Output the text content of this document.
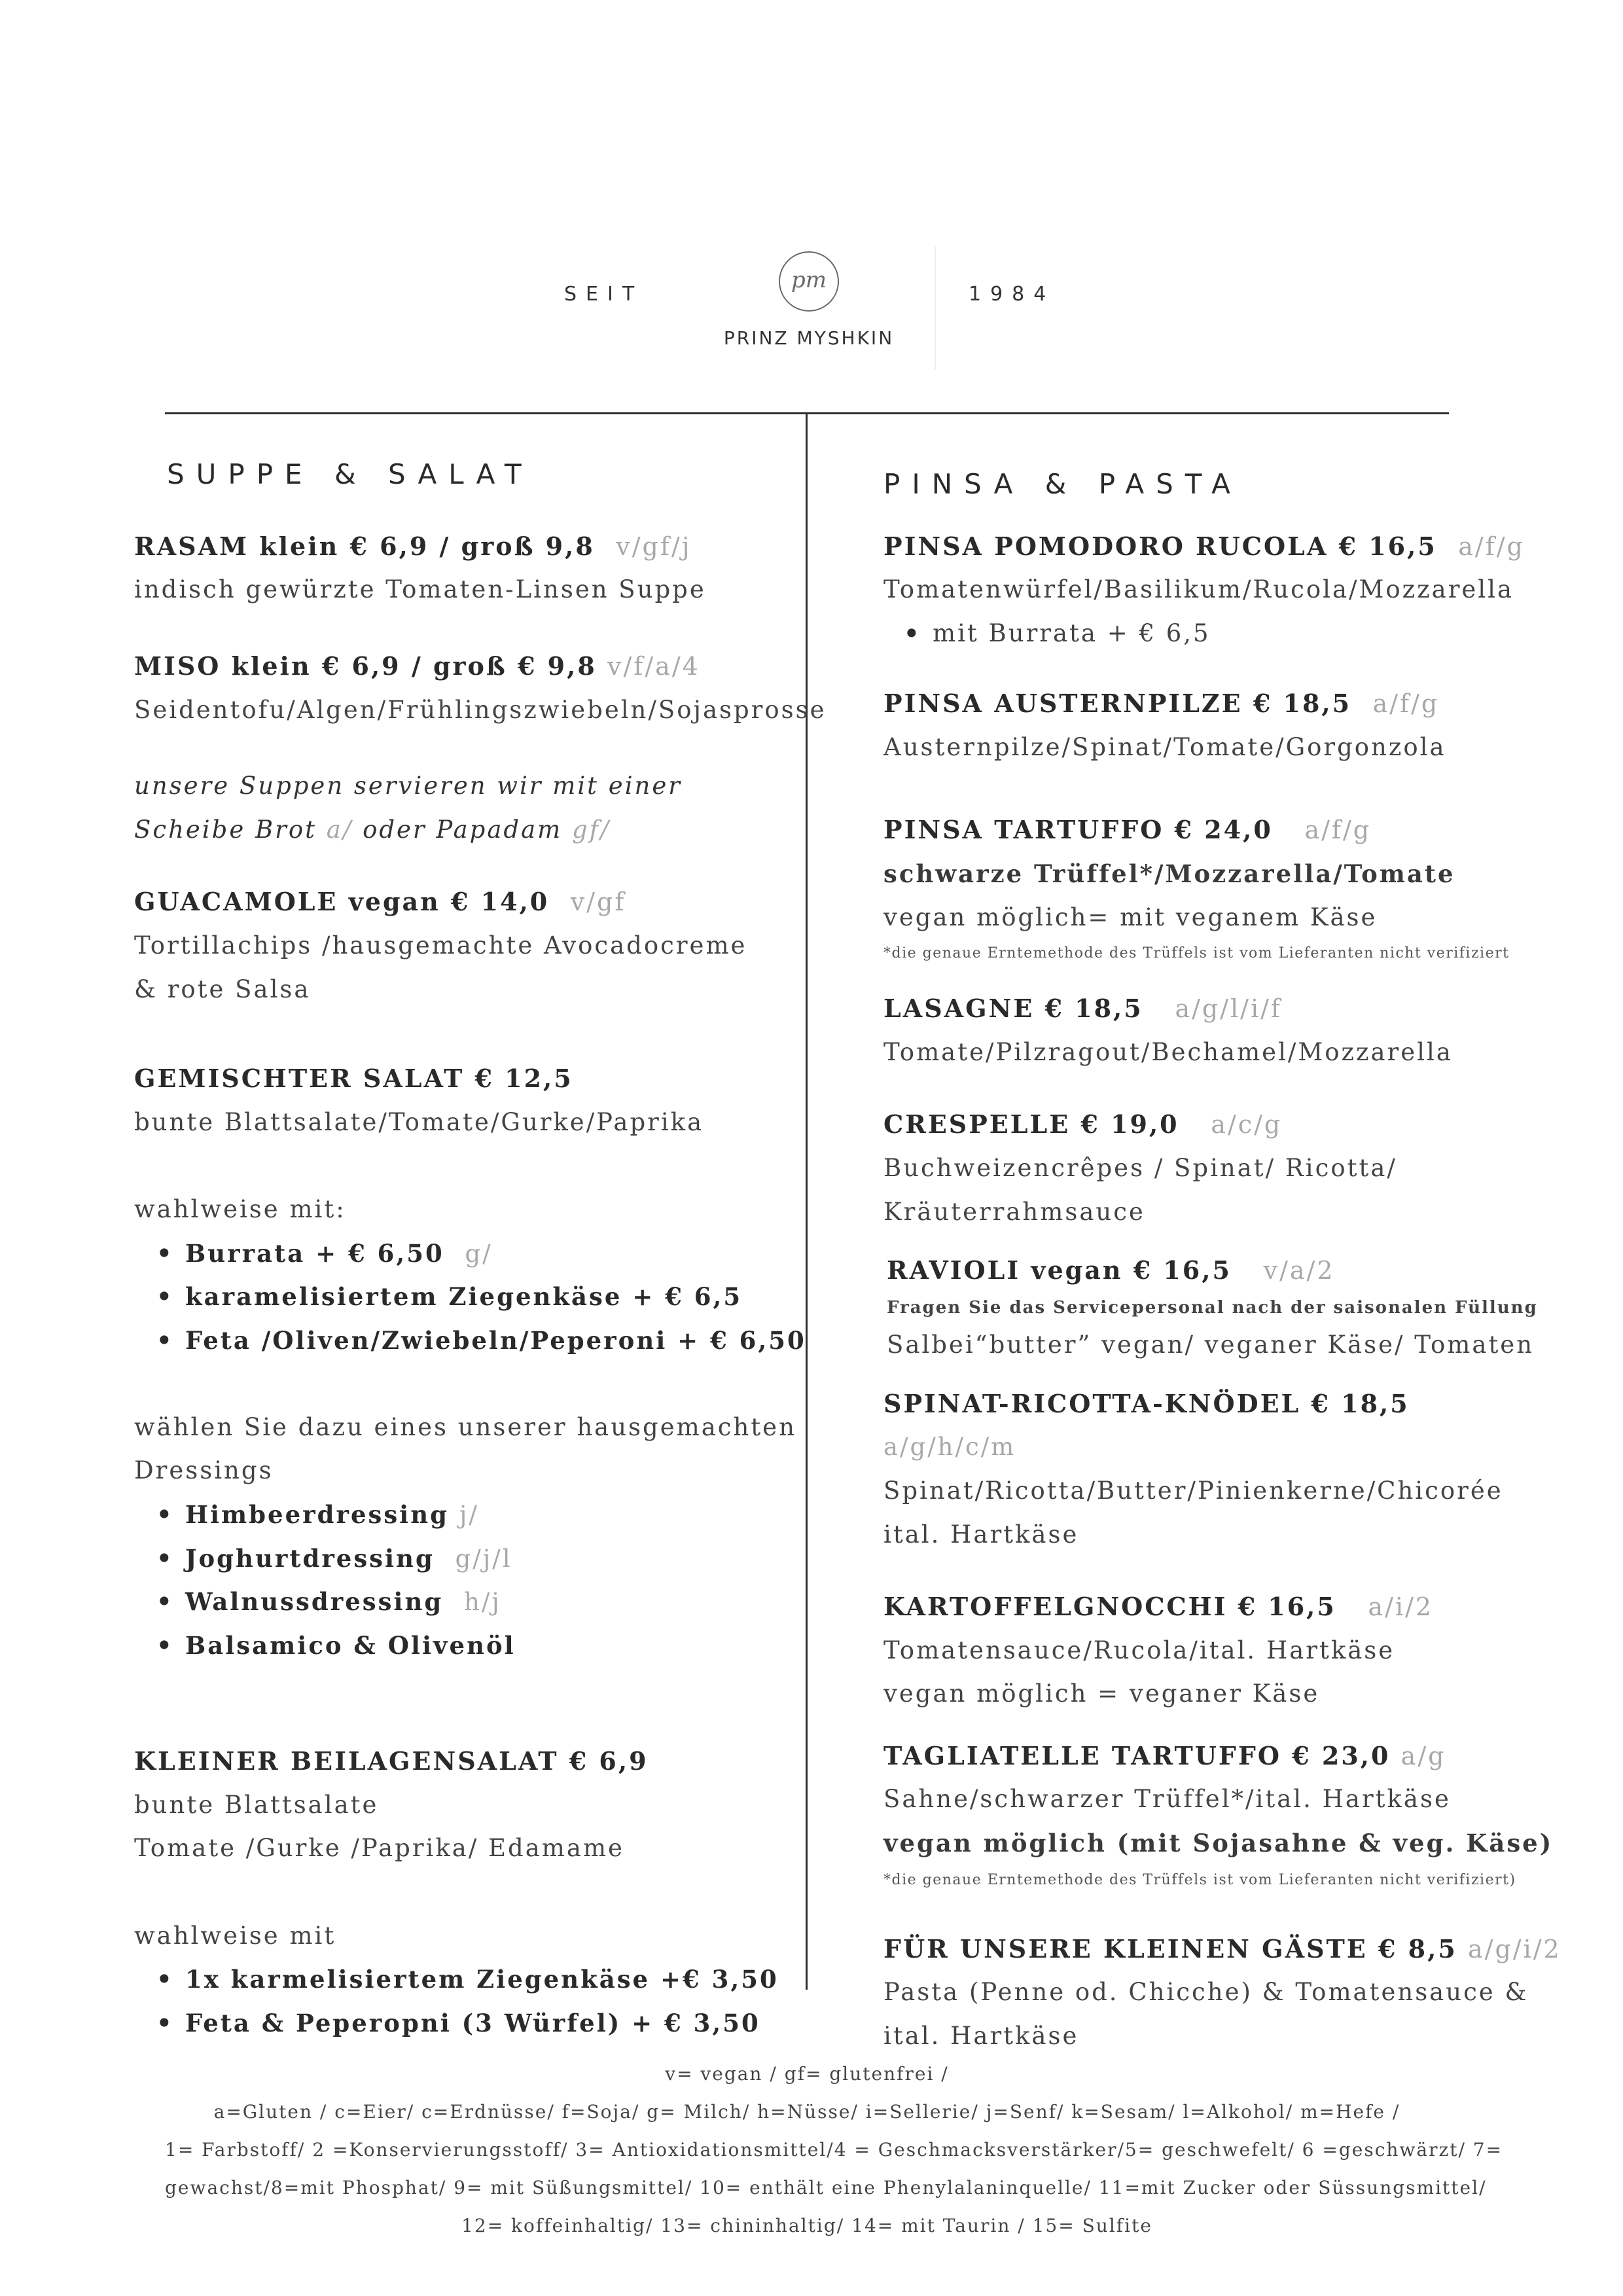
SEIT
pm
1984
PRINZ MYSHKIN
SUPPE & SALAT
RASAM klein € 6,9 / groß 9,8 v/gf/j
indisch gewürzte Tomaten-Linsen Suppe
MISO klein € 6,9 / groß € 9,8 v/f/a/4
Seidentofu/Algen/Frühlingszwiebeln/Sojasprosse
unsere Suppen servieren wir mit einer
Scheibe Brot a/ oder Papadam gf/
GUACAMOLE vegan € 14,0 v/gf
Tortillachips /hausgemachte Avocadocreme
& rote Salsa
GEMISCHTER SALAT € 12,5
bunte Blattsalate/Tomate/Gurke/Paprika
wahlweise mit:
• Burrata + € 6,50 g/
• karamelisiertem Ziegenkäse + € 6,5
• Feta /Oliven/Zwiebeln/Peperoni + € 6,50
wählen Sie dazu eines unserer hausgemachten
Dressings
• Himbeerdressing j/
• Joghurtdressing g/j/l
• Walnussdressing h/j
• Balsamico & Olivenöl
KLEINER BEILAGENSALAT € 6,9
bunte Blattsalate
Tomate /Gurke /Paprika/ Edamame
wahlweise mit
• 1x karmelisiertem Ziegenkäse +€ 3,50
• Feta & Peperopni (3 Würfel) + € 3,50
PINSA & PASTA
PINSA POMODORO RUCOLA € 16,5 a/f/g
Tomatenwürfel/Basilikum/Rucola/Mozzarella
• mit Burrata + € 6,5
PINSA AUSTERNPILZE € 18,5 a/f/g
Austernpilze/Spinat/Tomate/Gorgonzola
PINSA TARTUFFO € 24,0 a/f/g
schwarze Trüffel*/Mozzarella/Tomate
vegan möglich= mit veganem Käse
*die genaue Erntemethode des Trüffels ist vom Lieferanten nicht verifiziert
LASAGNE € 18,5 a/g/l/i/f
Tomate/Pilzragout/Bechamel/Mozzarella
CRESPELLE € 19,0 a/c/g
Buchweizencrêpes / Spinat/ Ricotta/
Kräuterrahmsauce
RAVIOLI vegan € 16,5 v/a/2
Fragen Sie das Servicepersonal nach der saisonalen Füllung
Salbei“butter” vegan/ veganer Käse/ Tomaten
SPINAT-RICOTTA-KNÖDEL € 18,5
a/g/h/c/m
Spinat/Ricotta/Butter/Pinienkerne/Chicorée
ital. Hartkäse
KARTOFFELGNOCCHI € 16,5 a/i/2
Tomatensauce/Rucola/ital. Hartkäse
vegan möglich = veganer Käse
TAGLIATELLE TARTUFFO € 23,0 a/g
Sahne/schwarzer Trüffel*/ital. Hartkäse
vegan möglich (mit Sojasahne & veg. Käse)
*die genaue Erntemethode des Trüffels ist vom Lieferanten nicht verifiziert)
FÜR UNSERE KLEINEN GÄSTE € 8,5 a/g/i/2
Pasta (Penne od. Chicche) & Tomatensauce &
ital. Hartkäse
v= vegan / gf= glutenfrei /
a=Gluten / c=Eier/ c=Erdnüsse/ f=Soja/ g= Milch/ h=Nüsse/ i=Sellerie/ j=Senf/ k=Sesam/ l=Alkohol/ m=Hefe /
1= Farbstoff/ 2 =Konservierungsstoff/ 3= Antioxidationsmittel/4 = Geschmacksverstärker/5= geschwefelt/ 6 =geschwärzt/ 7=
gewachst/8=mit Phosphat/ 9= mit Süßungsmittel/ 10= enthält eine Phenylalaninquelle/ 11=mit Zucker oder Süssungsmittel/
12= koffeinhaltig/ 13= chininhaltig/ 14= mit Taurin / 15= Sulfite
